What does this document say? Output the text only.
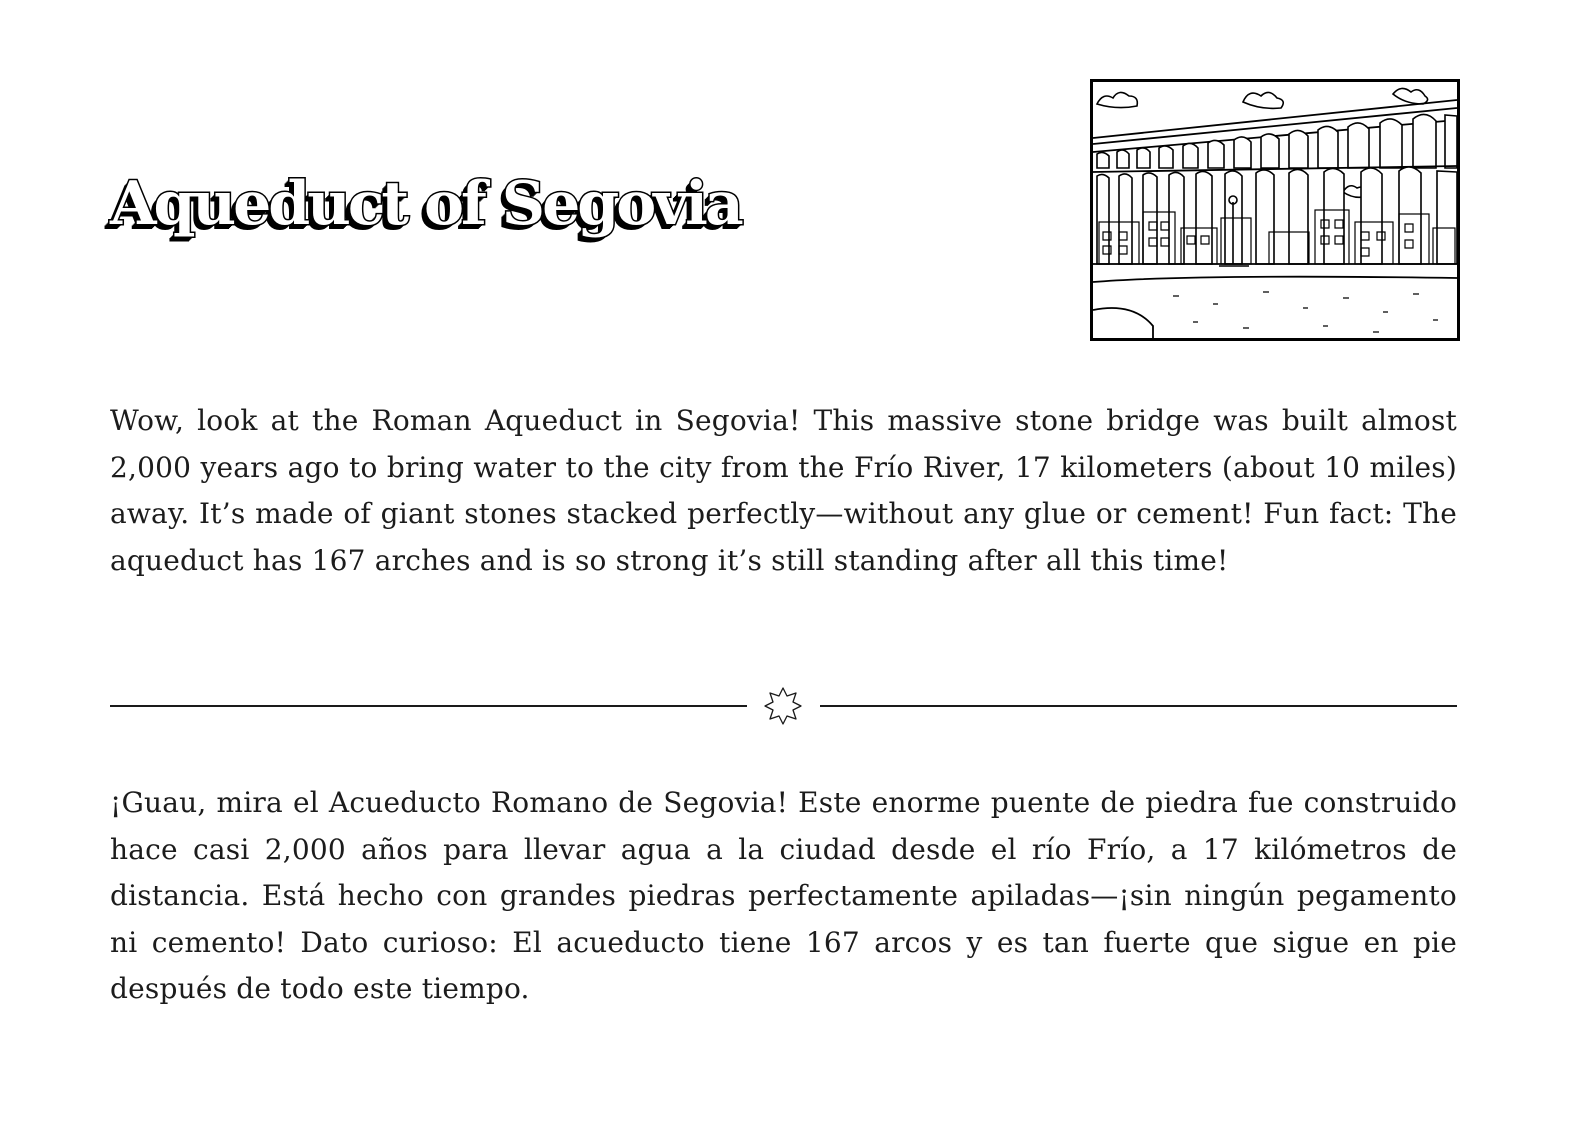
Aqueduct of Segovia

Wow, look at the Roman Aqueduct in Segovia! This massive stone bridge was built almost 2,000 years ago to bring water to the city from the Frío River, 17 kilometers (about 10 miles) away. It’s made of giant stones stacked perfectly—without any glue or cement! Fun fact: The aqueduct has 167 arches and is so strong it’s still standing after all this time!

¡Guau, mira el Acueducto Romano de Segovia! Este enorme puente de piedra fue construido hace casi 2,000 años para llevar agua a la ciudad desde el río Frío, a 17 kilómetros de distancia. Está hecho con grandes piedras perfectamente apiladas—¡sin ningún pegamento ni cemento! Dato curioso: El acueducto tiene 167 arcos y es tan fuerte que sigue en pie después de todo este tiempo.
